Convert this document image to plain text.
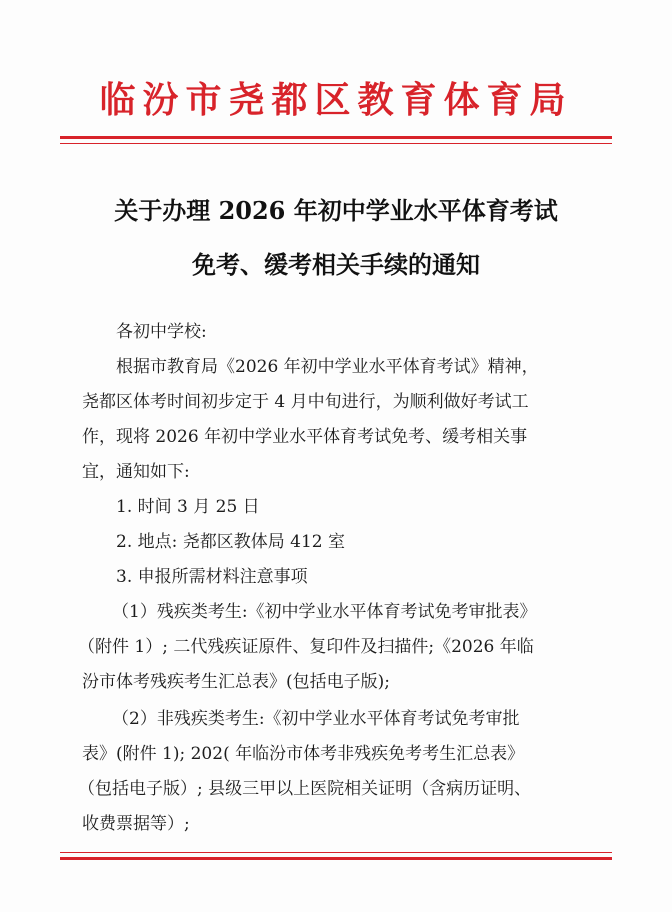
临汾市尧都区教育体育局
关于办理 2026 年初中学业水平体育考试
免考、缓考相关手续的通知
各初中学校:
根据市教育局《2026 年初中学业水平体育考试》精神，
尧都区体考时间初步定于 4 月中旬进行，为顺利做好考试工
作，现将 2026 年初中学业水平体育考试免考、缓考相关事
宜，通知如下:
1. 时间 3 月 25 日
2. 地点: 尧都区教体局 412 室
3. 申报所需材料注意事项
（1）残疾类考生:《初中学业水平体育考试免考审批表》
（附件 1）; 二代残疾证原件、复印件及扫描件;《2026 年临
汾市体考残疾考生汇总表》(包括电子版);
（2）非残疾类考生:《初中学业水平体育考试免考审批
表》(附件 1); 202( 年临汾市体考非残疾免考考生汇总表》
（包括电子版）; 县级三甲以上医院相关证明（含病历证明、
收费票据等）;
